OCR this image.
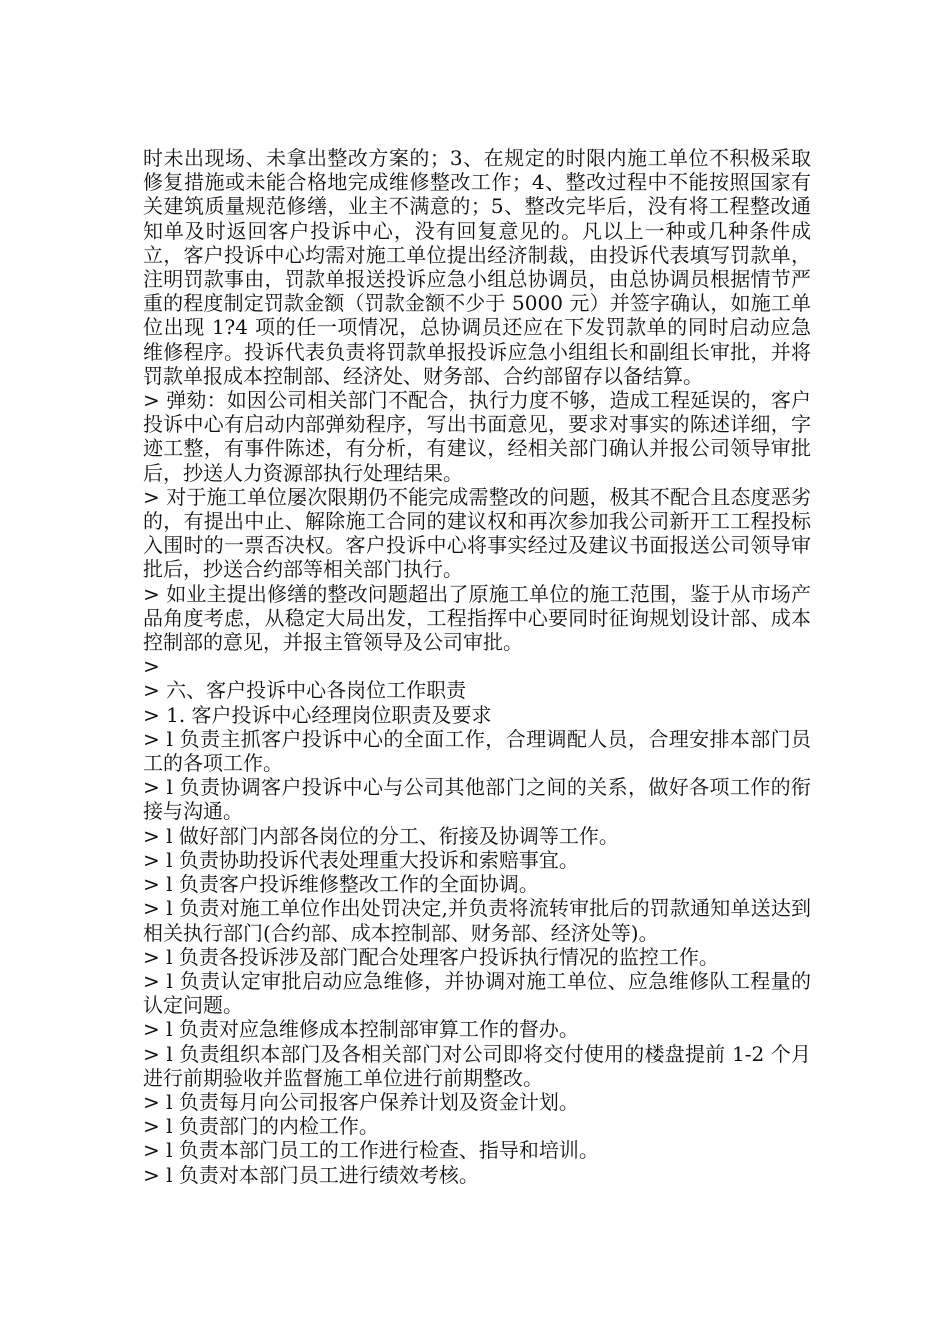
时未出现场、未拿出整改方案的；3、在规定的时限内施工单位不积极采取修复措施或未能合格地完成维修整改工作；4、整改过程中不能按照国家有关建筑质量规范修缮，业主不满意的；5、整改完毕后，没有将工程整改通知单及时返回客户投诉中心，没有回复意见的。凡以上一种或几种条件成立，客户投诉中心均需对施工单位提出经济制裁，由投诉代表填写罚款单，注明罚款事由，罚款单报送投诉应急小组总协调员，由总协调员根据情节严重的程度制定罚款金额（罚款金额不少于 5000 元）并签字确认，如施工单位出现 1?4 项的任一项情况，总协调员还应在下发罚款单的同时启动应急维修程序。投诉代表负责将罚款单报投诉应急小组组长和副组长审批，并将罚款单报成本控制部、经济处、财务部、合约部留存以备结算。

> 弹劾：如因公司相关部门不配合，执行力度不够，造成工程延误的，客户投诉中心有启动内部弹劾程序，写出书面意见，要求对事实的陈述详细，字迹工整，有事件陈述，有分析，有建议，经相关部门确认并报公司领导审批后，抄送人力资源部执行处理结果。

> 对于施工单位屡次限期仍不能完成需整改的问题，极其不配合且态度恶劣的，有提出中止、解除施工合同的建议权和再次参加我公司新开工工程投标入围时的一票否决权。客户投诉中心将事实经过及建议书面报送公司领导审批后，抄送合约部等相关部门执行。

> 如业主提出修缮的整改问题超出了原施工单位的施工范围，鉴于从市场产品角度考虑，从稳定大局出发，工程指挥中心要同时征询规划设计部、成本控制部的意见，并报主管领导及公司审批。

>

> 六、客户投诉中心各岗位工作职责

> 1. 客户投诉中心经理岗位职责及要求

> l 负责主抓客户投诉中心的全面工作，合理调配人员，合理安排本部门员工的各项工作。

> l 负责协调客户投诉中心与公司其他部门之间的关系，做好各项工作的衔接与沟通。

> l 做好部门内部各岗位的分工、衔接及协调等工作。

> l 负责协助投诉代表处理重大投诉和索赔事宜。

> l 负责客户投诉维修整改工作的全面协调。

> l 负责对施工单位作出处罚决定,并负责将流转审批后的罚款通知单送达到相关执行部门(合约部、成本控制部、财务部、经济处等)。

> l 负责各投诉涉及部门配合处理客户投诉执行情况的监控工作。

> l 负责认定审批启动应急维修，并协调对施工单位、应急维修队工程量的认定问题。

> l 负责对应急维修成本控制部审算工作的督办。

> l 负责组织本部门及各相关部门对公司即将交付使用的楼盘提前 1-2 个月进行前期验收并监督施工单位进行前期整改。

> l 负责每月向公司报客户保养计划及资金计划。

> l 负责部门的内检工作。

> l 负责本部门员工的工作进行检查、指导和培训。

> l 负责对本部门员工进行绩效考核。
